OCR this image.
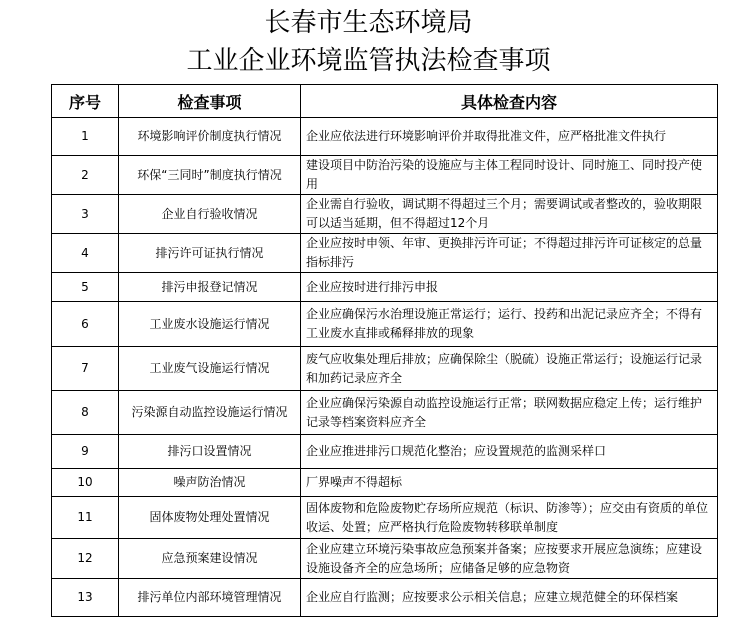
长春市生态环境局
工业企业环境监管执法检查事项
序号	检查事项	具体检查内容
1	环境影响评价制度执行情况	企业应依法进行环境影响评价并取得批准文件，应严格批准文件执行
2	环保“三同时”制度执行情况	建设项目中防治污染的设施应与主体工程同时设计、同时施工、同时投产使用
3	企业自行验收情况	企业需自行验收，调试期不得超过三个月；需要调试或者整改的，验收期限可以适当延期，但不得超过12个月
4	排污许可证执行情况	企业应按时申领、年审、更换排污许可证；不得超过排污许可证核定的总量指标排污
5	排污申报登记情况	企业应按时进行排污申报
6	工业废水设施运行情况	企业应确保污水治理设施正常运行；运行、投药和出泥记录应齐全；不得有工业废水直排或稀释排放的现象
7	工业废气设施运行情况	废气应收集处理后排放；应确保除尘（脱硫）设施正常运行；设施运行记录和加药记录应齐全
8	污染源自动监控设施运行情况	企业应确保污染源自动监控设施运行正常；联网数据应稳定上传；运行维护记录等档案资料应齐全
9	排污口设置情况	企业应推进排污口规范化整治；应设置规范的监测采样口
10	噪声防治情况	厂界噪声不得超标
11	固体废物处理处置情况	固体废物和危险废物贮存场所应规范（标识、防渗等）；应交由有资质的单位收运、处置；应严格执行危险废物转移联单制度
12	应急预案建设情况	企业应建立环境污染事故应急预案并备案；应按要求开展应急演练；应建设设施设备齐全的应急场所；应储备足够的应急物资
13	排污单位内部环境管理情况	企业应自行监测；应按要求公示相关信息；应建立规范健全的环保档案
